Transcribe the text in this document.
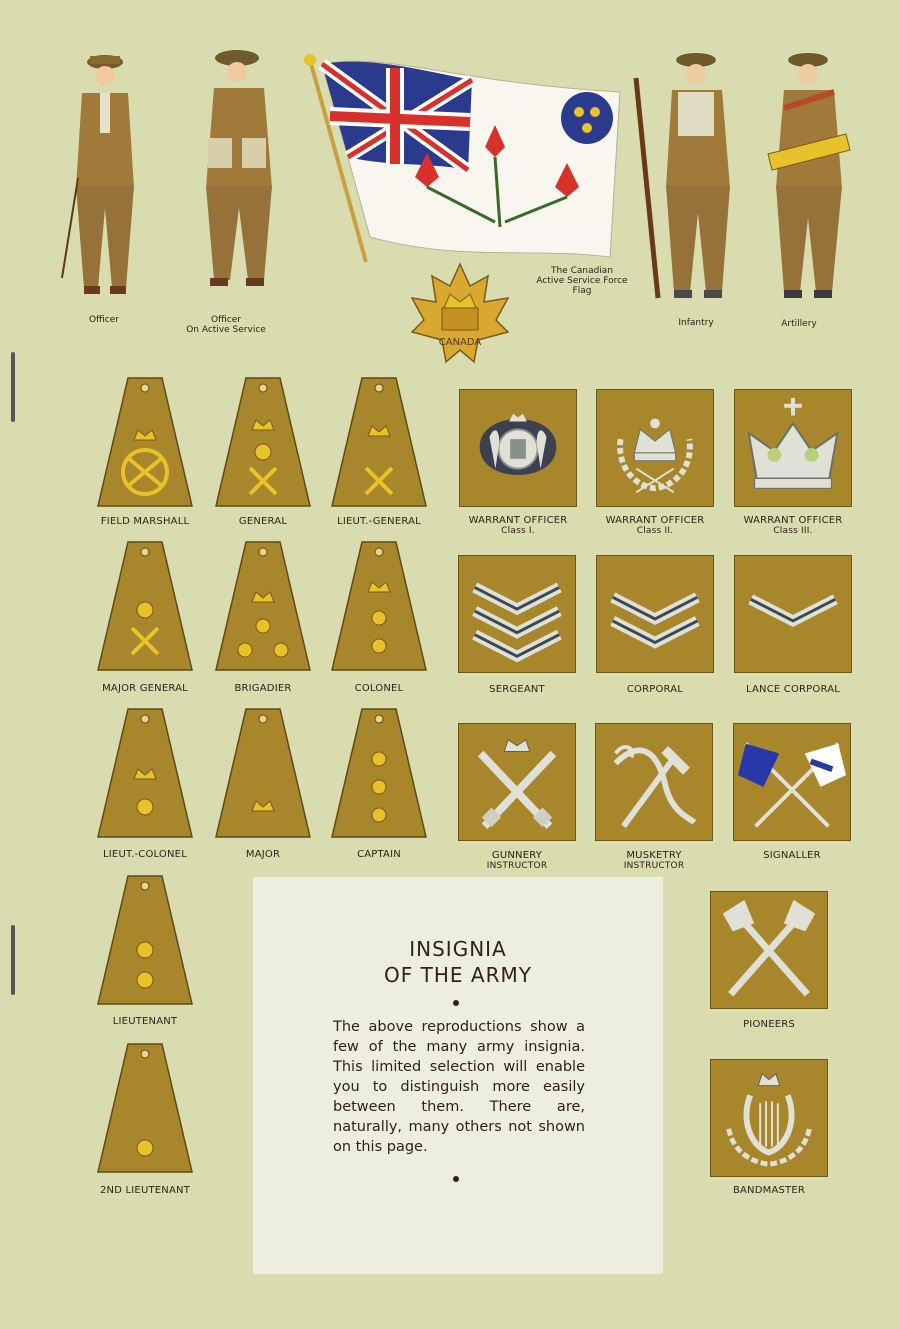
Officer	Officer
On Active Service
The Canadian
Active Service Force
Flag
CANADA
Infantry	Artillery
FIELD MARSHALL	GENERAL	LIEUT.-GENERAL
MAJOR GENERAL	BRIGADIER	COLONEL
LIEUT.-COLONEL	MAJOR	CAPTAIN
LIEUTENANT
2ND LIEUTENANT
WARRANT OFFICER
Class I.
WARRANT OFFICER
Class II.
WARRANT OFFICER
Class III.
SERGEANT	CORPORAL	LANCE CORPORAL
GUNNERY
INSTRUCTOR
MUSKETRY
INSTRUCTOR
SIGNALLER
PIONEERS
BANDMASTER
INSIGNIA
OF THE ARMY
The above reproductions show a few of the many army insignia. This limited selection will enable you to distinguish more easily between them. There are, naturally, many others not shown on this page.
